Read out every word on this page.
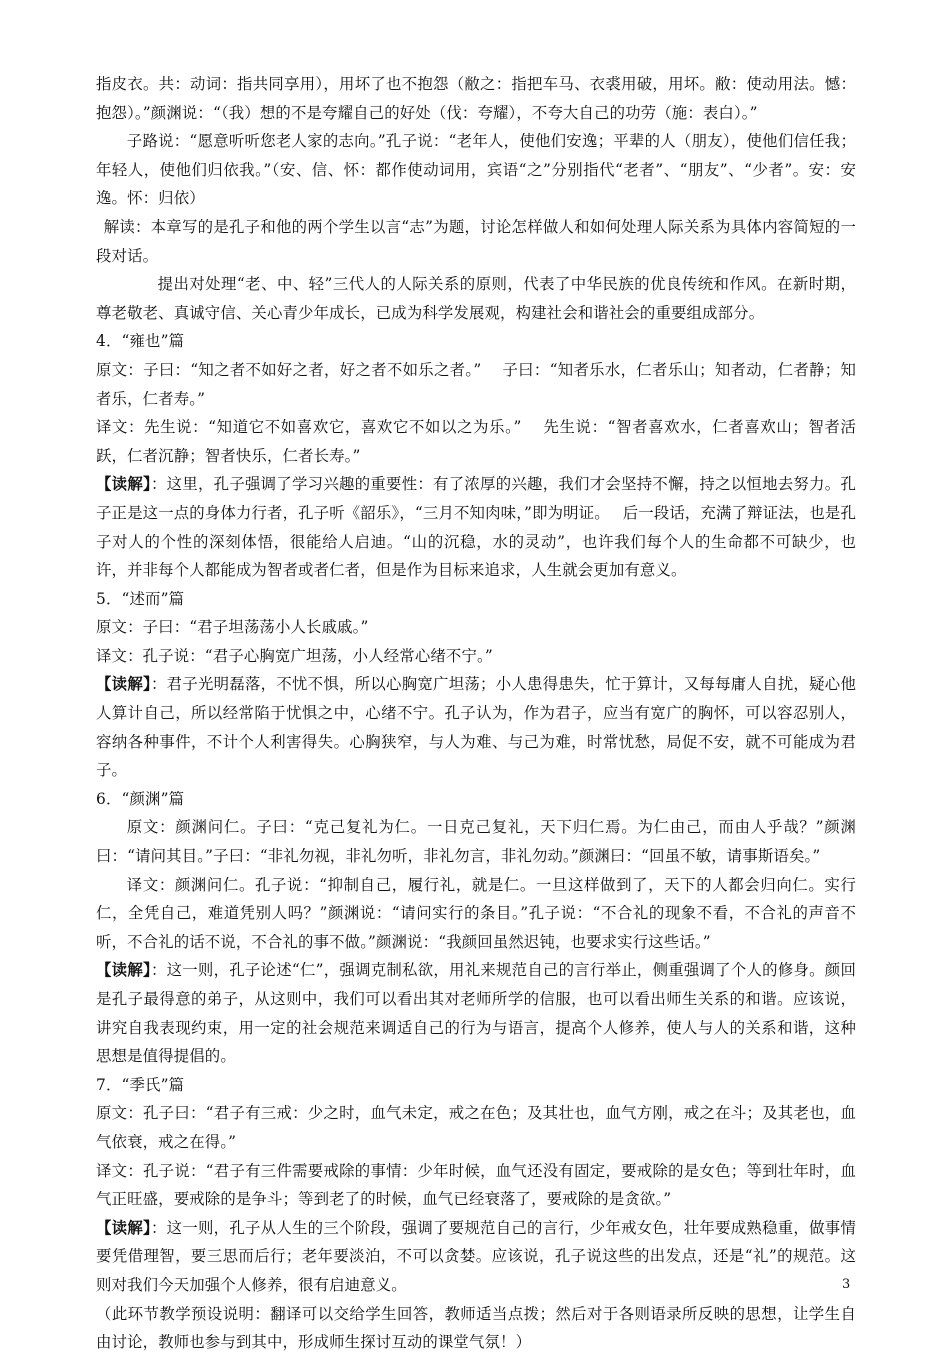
指皮衣。共：动词：指共同享用），用坏了也不抱怨（敝之：指把车马、衣裘用破，用坏。敝：使动用法。憾：抱怨）。”颜渊说：“（我）想的不是夸耀自己的好处（伐：夸耀），不夸大自己的功劳（施：表白）。”

子路说：“愿意听听您老人家的志向。”孔子说：“老年人，使他们安逸；平辈的人（朋友），使他们信任我；年轻人，使他们归依我。”（安、信、怀：都作使动词用，宾语“之”分别指代“老者”、“朋友”、“少者”。安：安逸。怀：归依）

解读：本章写的是孔子和他的两个学生以言“志”为题，讨论怎样做人和如何处理人际关系为具体内容简短的一段对话。

提出对处理“老、中、轻”三代人的人际关系的原则，代表了中华民族的优良传统和作风。在新时期，尊老敬老、真诚守信、关心青少年成长，已成为科学发展观，构建社会和谐社会的重要组成部分。

4．“雍也”篇

原文：子曰：“知之者不如好之者，好之者不如乐之者。”　 子曰：“知者乐水，仁者乐山；知者动，仁者静；知者乐，仁者寿。”

译文：先生说：“知道它不如喜欢它，喜欢它不如以之为乐。”　 先生说：“智者喜欢水，仁者喜欢山；智者活跃，仁者沉静；智者快乐，仁者长寿。”

【读解】：这里，孔子强调了学习兴趣的重要性：有了浓厚的兴趣，我们才会坚持不懈，持之以恒地去努力。孔子正是这一点的身体力行者，孔子听《韶乐》，“三月不知肉味，”即为明证。　 后一段话，充满了辩证法，也是孔子对人的个性的深刻体悟，很能给人启迪。“山的沉稳，水的灵动”，也许我们每个人的生命都不可缺少，也许，并非每个人都能成为智者或者仁者，但是作为目标来追求，人生就会更加有意义。

5．“述而”篇

原文：子曰：“君子坦荡荡小人长戚戚。”

译文：孔子说：“君子心胸宽广坦荡，小人经常心绪不宁。”

【读解】：君子光明磊落，不忧不惧，所以心胸宽广坦荡；小人患得患失，忙于算计，又每每庸人自扰，疑心他人算计自己，所以经常陷于忧惧之中，心绪不宁。孔子认为，作为君子，应当有宽广的胸怀，可以容忍别人，容纳各种事件，不计个人利害得失。心胸狭窄，与人为难、与己为难，时常忧愁，局促不安，就不可能成为君子。

6．“颜渊”篇

原文：颜渊问仁。子曰：“克己复礼为仁。一日克己复礼，天下归仁焉。为仁由己，而由人乎哉？”颜渊曰：“请问其目。”子曰：“非礼勿视，非礼勿听，非礼勿言，非礼勿动。”颜渊曰：“回虽不敏，请事斯语矣。”

译文：颜渊问仁。孔子说：“抑制自己，履行礼，就是仁。一旦这样做到了，天下的人都会归向仁。实行仁，全凭自己，难道凭别人吗？”颜渊说：“请问实行的条目。”孔子说：“不合礼的现象不看，不合礼的声音不听，不合礼的话不说，不合礼的事不做。”颜渊说：“我颜回虽然迟钝，也要求实行这些话。”

【读解】：这一则，孔子论述“仁”，强调克制私欲，用礼来规范自己的言行举止，侧重强调了个人的修身。颜回是孔子最得意的弟子，从这则中，我们可以看出其对老师所学的信服，也可以看出师生关系的和谐。应该说，讲究自我表现约束，用一定的社会规范来调适自己的行为与语言，提高个人修养，使人与人的关系和谐，这种思想是值得提倡的。

7．“季氏”篇

原文：孔子曰：“君子有三戒：少之时，血气未定，戒之在色；及其壮也，血气方刚，戒之在斗；及其老也，血气依衰，戒之在得。”

译文：孔子说：“君子有三件需要戒除的事情：少年时候，血气还没有固定，要戒除的是女色；等到壮年时，血气正旺盛，要戒除的是争斗；等到老了的时候，血气已经衰落了，要戒除的是贪欲。”

【读解】：这一则，孔子从人生的三个阶段，强调了要规范自己的言行，少年戒女色，壮年要成熟稳重，做事情要凭借理智，要三思而后行；老年要淡泊，不可以贪婪。应该说，孔子说这些的出发点，还是“礼”的规范。这则对我们今天加强个人修养，很有启迪意义。

（此环节教学预设说明：翻译可以交给学生回答，教师适当点拨；然后对于各则语录所反映的思想，让学生自由讨论，教师也参与到其中，形成师生探讨互动的课堂气氛！）

3
